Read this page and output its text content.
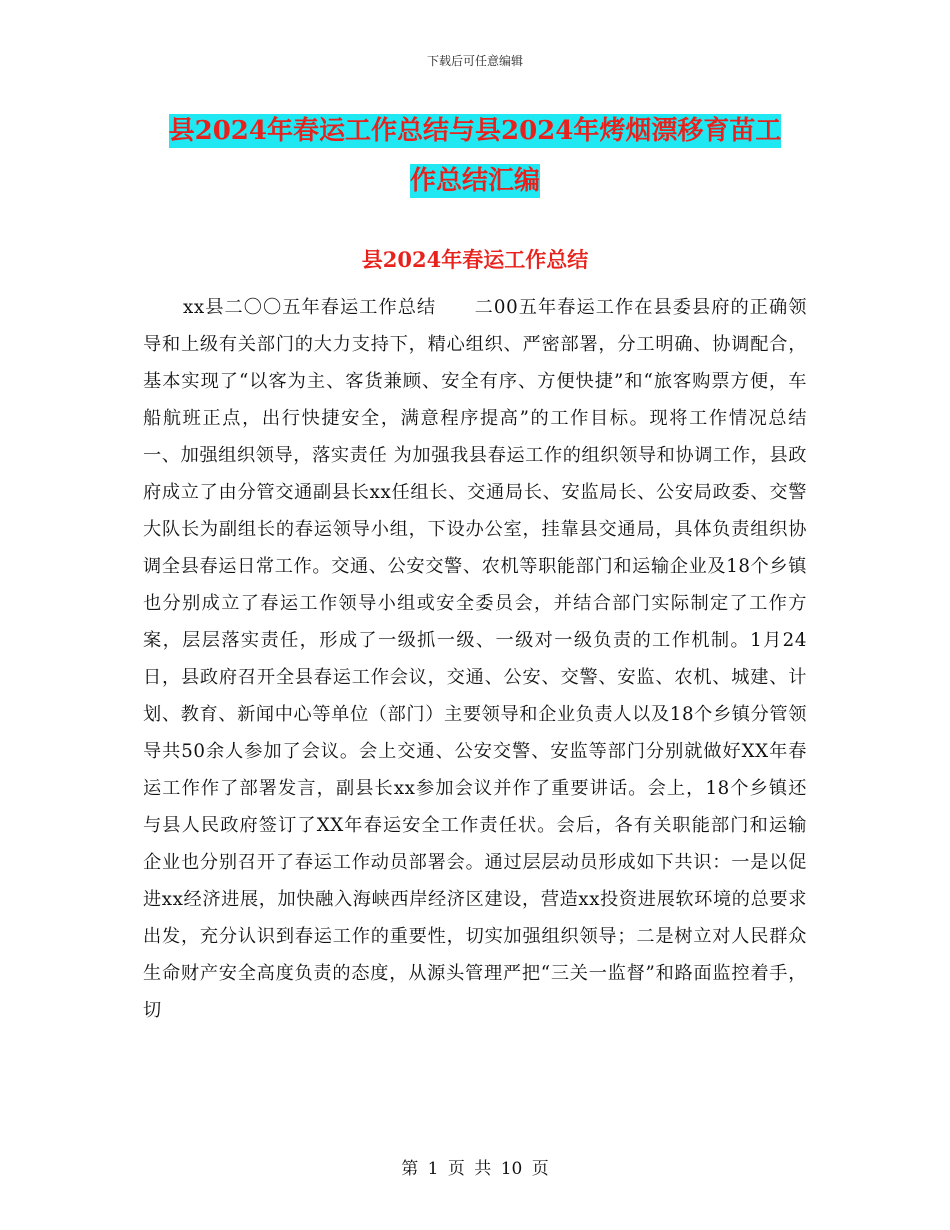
下载后可任意编辑
县2024年春运工作总结与县2024年烤烟漂移育苗工
作总结汇编
县2024年春运工作总结

xx县二〇〇五年春运工作总结　　二00五年春运工作在县委县府的正确领导和上级有关部门的大力支持下，精心组织、严密部署，分工明确、协调配合，基本实现了“以客为主、客货兼顾、安全有序、方便快捷”和“旅客购票方便，车船航班正点，出行快捷安全，满意程序提高”的工作目标。现将工作情况总结 一、加强组织领导，落实责任 为加强我县春运工作的组织领导和协调工作，县政府成立了由分管交通副县长xx任组长、交通局长、安监局长、公安局政委、交警大队长为副组长的春运领导小组，下设办公室，挂靠县交通局，具体负责组织协调全县春运日常工作。交通、公安交警、农机等职能部门和运输企业及18个乡镇也分别成立了春运工作领导小组或安全委员会，并结合部门实际制定了工作方案，层层落实责任，形成了一级抓一级、一级对一级负责的工作机制。1月24日，县政府召开全县春运工作会议，交通、公安、交警、安监、农机、城建、计划、教育、新闻中心等单位（部门）主要领导和企业负责人以及18个乡镇分管领导共50余人参加了会议。会上交通、公安交警、安监等部门分别就做好XX年春运工作作了部署发言，副县长xx参加会议并作了重要讲话。会上，18个乡镇还与县人民政府签订了XX年春运安全工作责任状。会后，各有关职能部门和运输企业也分别召开了春运工作动员部署会。通过层层动员形成如下共识：一是以促进xx经济进展，加快融入海峡西岸经济区建设，营造xx投资进展软环境的总要求出发，充分认识到春运工作的重要性，切实加强组织领导；二是树立对人民群众生命财产安全高度负责的态度，从源头管理严把“三关一监督”和路面监控着手，切

第 1 页 共 10 页
